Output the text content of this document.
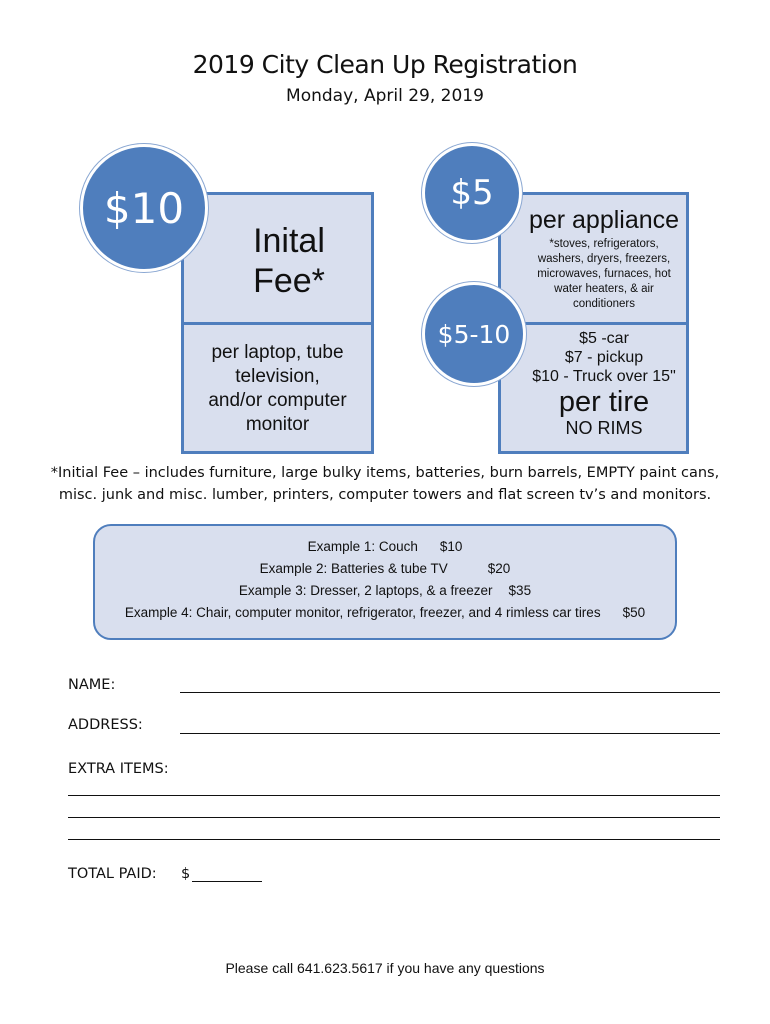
2019 City Clean Up Registration
Monday, April 29, 2019
Inital
Fee*
per laptop, tube
television,
and/or computer
monitor
$10	per appliance
*stoves, refrigerators,
washers, dryers, freezers,
microwaves, furnaces, hot
water heaters, & air
conditioners
$5 -car
$7 - pickup
$10 - Truck over 15"
per tire
NO RIMS
$5
$5-10
*Initial Fee – includes furniture, large bulky items, batteries, burn barrels, EMPTY paint cans,
misc. junk and misc. lumber, printers, computer towers and flat screen tv’s and monitors.
Example 1: Couch $10
Example 2: Batteries & tube TV	$20
Example 3: Dresser, 2 laptops, & a freezer $35
Example 4: Chair, computer monitor, refrigerator, freezer, and 4 rimless car tires $50
NAME:
ADDRESS:
EXTRA ITEMS:
TOTAL PAID: $
Please call 641.623.5617 if you have any questions
